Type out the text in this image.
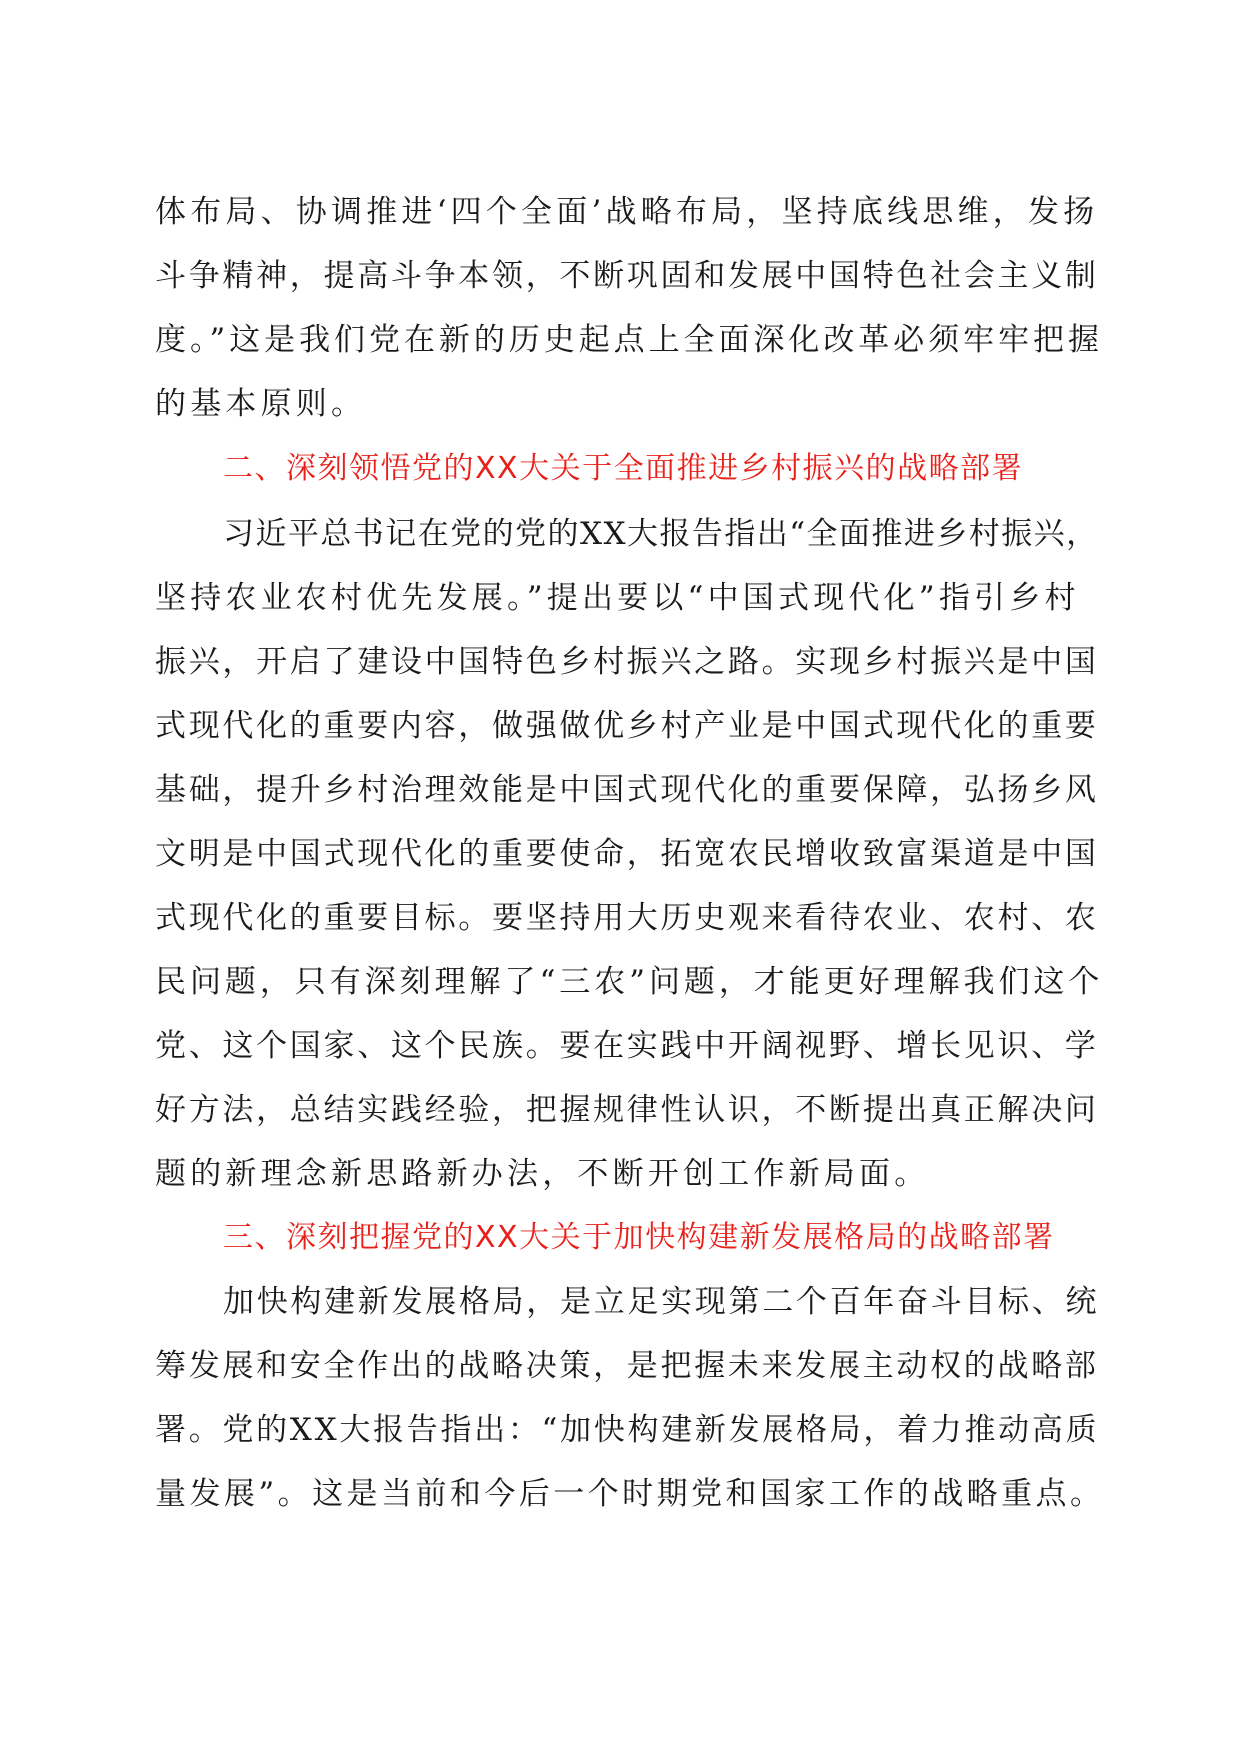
体布局、协调推进‘四个全面’战略布局，坚持底线思维，发扬
斗争精神，提高斗争本领，不断巩固和发展中国特色社会主义制
度。”这是我们党在新的历史起点上全面深化改革必须牢牢把握
的基本原则。
二、深刻领悟党的XX大关于全面推进乡村振兴的战略部署
习近平总书记在党的党的XX大报告指出“全面推进乡村振兴，
坚持农业农村优先发展。”提出要以“中国式现代化”指引乡村
振兴，开启了建设中国特色乡村振兴之路。实现乡村振兴是中国
式现代化的重要内容，做强做优乡村产业是中国式现代化的重要
基础，提升乡村治理效能是中国式现代化的重要保障，弘扬乡风
文明是中国式现代化的重要使命，拓宽农民增收致富渠道是中国
式现代化的重要目标。要坚持用大历史观来看待农业、农村、农
民问题，只有深刻理解了“三农”问题，才能更好理解我们这个
党、这个国家、这个民族。要在实践中开阔视野、增长见识、学
好方法，总结实践经验，把握规律性认识，不断提出真正解决问
题的新理念新思路新办法，不断开创工作新局面。
三、深刻把握党的XX大关于加快构建新发展格局的战略部署
加快构建新发展格局，是立足实现第二个百年奋斗目标、统
筹发展和安全作出的战略决策，是把握未来发展主动权的战略部
署。党的XX大报告指出：“加快构建新发展格局，着力推动高质
量发展”。这是当前和今后一个时期党和国家工作的战略重点。
